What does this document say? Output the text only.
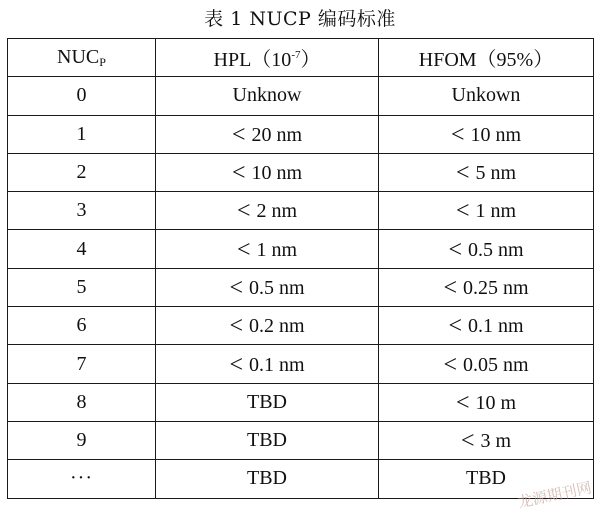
表 1 NUCP 编码标准
$NUC_P$	$HPL(10^{-7})$	HFOM（95%）
0	Unknow	Unkown
1	< 20 nm	< 10 nm
2	< 10 nm	< 5 nm
3	< 2 nm	< 1 nm
4	< 1 nm	< 0.5 nm
5	< 0.5 nm	< 0.25 nm
6	< 0.2 nm	< 0.1 nm
7	< 0.1 nm	< 0.05 nm
8	TBD	< 10 m
9	TBD	< 3 m
···	TBD	TBD 龙源期刊网
